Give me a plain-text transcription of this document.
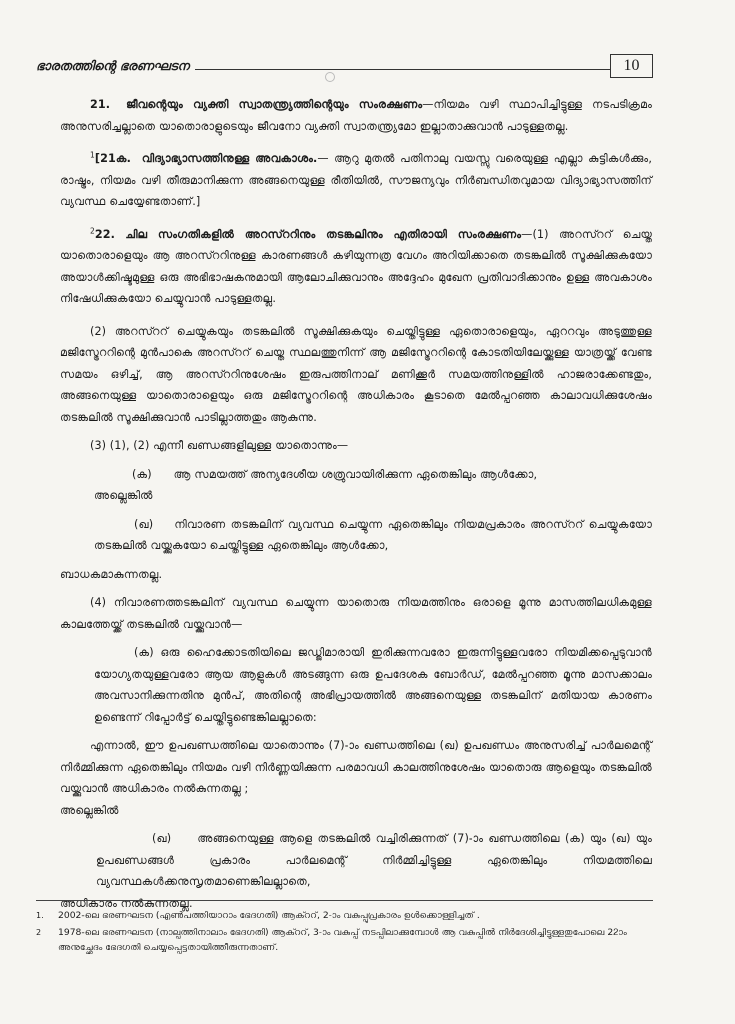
ഭാരതത്തിന്റെ ഭരണഘടന	10

21. ജീവന്റെയും വ്യക്തി സ്വാതന്ത്ര്യത്തിന്റെയും സംരക്ഷണം—നിയമം വഴി സ്ഥാപിച്ചിട്ടുള്ള നടപടിക്രമം അനുസരിച്ചല്ലാതെ യാതൊരാളുടെയും ജീവനോ വ്യക്തി സ്വാതന്ത്ര്യമോ ഇല്ലാതാക്കുവാൻ പാടുള്ളതല്ല.

$^1$[21ക. വിദ്യാഭ്യാസത്തിനുള്ള അവകാശം.— ആറു മുതൽ പതിനാലു വയസ്സു വരെയുള്ള എല്ലാ കുട്ടികൾക്കും, രാഷ്ട്രം, നിയമം വഴി തീരുമാനിക്കുന്ന അങ്ങനെയുള്ള രീതിയിൽ, സൗജന്യവും നിർബന്ധിതവുമായ വിദ്യാഭ്യാസത്തിന് വ്യവസ്ഥ ചെയ്യേണ്ടതാണ്.]

$^2$22. ചില സംഗതികളിൽ അറസ്ററിനും തടങ്കലിനും എതിരായി സംരക്ഷണം—(1) അറസ്ററ് ചെയ്ത യാതൊരാളെയും ആ അറസ്ററിനുള്ള കാരണങ്ങൾ കഴിയുന്നത്ര വേഗം അറിയിക്കാതെ തടങ്കലിൽ സൂക്ഷിക്കുകയോ അയാൾക്കിഷ്ടമുള്ള ഒരു അഭിഭാഷകനുമായി ആലോചിക്കുവാനും അദ്ദേഹം മുഖേന പ്രതിവാദിക്കാനും ഉള്ള അവകാശം നിഷേധിക്കുകയോ ചെയ്യുവാൻ പാടുള്ളതല്ല.

(2) അറസ്ററ് ചെയ്യുകയും തടങ്കലിൽ സൂക്ഷിക്കുകയും ചെയ്തിട്ടുള്ള ഏതൊരാളെയും, ഏററവും അടുത്തുള്ള മജിസ്ട്രേററിന്റെ മുൻപാകെ അറസ്ററ് ചെയ്ത സ്ഥലത്തുനിന്ന് ആ മജിസ്ട്രേററിന്റെ കോടതിയിലേയ്ക്കുള്ള യാത്രയ്ക്ക് വേണ്ട സമയം ഒഴിച്ച്, ആ അറസ്ററിനുശേഷം ഇരുപത്തിനാല് മണിക്കൂർ സമയത്തിനുള്ളിൽ ഹാജരാക്കേണ്ടതും, അങ്ങനെയുള്ള യാതൊരാളെയും ഒരു മജിസ്ട്രേററിന്റെ അധികാരം കൂടാതെ മേൽപ്പറഞ്ഞ കാലാവധിക്കുശേഷം തടങ്കലിൽ സൂക്ഷിക്കുവാൻ പാടില്ലാത്തതും ആകുന്നു.

(3) (1), (2) എന്നീ ഖണ്ഡങ്ങളിലുള്ള യാതൊന്നും—

(ക) ആ സമയത്ത് അന്യദേശീയ ശത്രുവായിരിക്കുന്ന ഏതെങ്കിലും ആൾക്കോ,

അല്ലെങ്കിൽ

(ഖ) നിവാരണ തടങ്കലിന് വ്യവസ്ഥ ചെയ്യുന്ന ഏതെങ്കിലും നിയമപ്രകാരം അറസ്ററ് ചെയ്യുകയോ തടങ്കലിൽ വയ്ക്കുകയോ ചെയ്തിട്ടുള്ള ഏതെങ്കിലും ആൾക്കോ,

ബാധകമാകുന്നതല്ല.

(4) നിവാരണത്തടങ്കലിന് വ്യവസ്ഥ ചെയ്യുന്ന യാതൊരു നിയമത്തിനും ഒരാളെ മൂന്നു മാസത്തിലധികമുള്ള കാലത്തേയ്ക്ക് തടങ്കലിൽ വയ്ക്കുവാൻ—

(ക) ഒരു ഹൈക്കോടതിയിലെ ജഡ്ജിമാരായി ഇരിക്കുന്നവരോ ഇരുന്നിട്ടുള്ളവരോ നിയമിക്കപ്പെടുവാൻ യോഗ്യതയുള്ളവരോ ആയ ആളുകൾ അടങ്ങുന്ന ഒരു ഉപദേശക ബോർഡ്, മേൽപ്പറഞ്ഞ മൂന്നു മാസക്കാലം അവസാനിക്കുന്നതിനു മുൻപ്, അതിന്റെ അഭിപ്രായത്തിൽ അങ്ങനെയുള്ള തടങ്കലിന് മതിയായ കാരണം ഉണ്ടെന്ന് റിപ്പോർട്ട് ചെയ്തിട്ടുണ്ടെങ്കിലല്ലാതെ:

എന്നാൽ, ഈ ഉപഖണ്ഡത്തിലെ യാതൊന്നും (7)-ാം ഖണ്ഡത്തിലെ (ഖ) ഉപഖണ്ഡം അനുസരിച്ച് പാർലമെന്റ് നിർമ്മിക്കുന്ന ഏതെങ്കിലും നിയമം വഴി നിർണ്ണയിക്കുന്ന പരമാവധി കാലത്തിനുശേഷം യാതൊരു ആളെയും തടങ്കലിൽ വയ്ക്കുവാൻ അധികാരം നൽകുന്നതല്ല ;

അല്ലെങ്കിൽ

(ഖ) അങ്ങനെയുള്ള ആളെ തടങ്കലിൽ വച്ചിരിക്കുന്നത് (7)-ാം ഖണ്ഡത്തിലെ (ക) യും (ഖ) യും ഉപഖണ്ഡങ്ങൾ പ്രകാരം പാർലമെന്റ് നിർമ്മിച്ചിട്ടുള്ള ഏതെങ്കിലും നിയമത്തിലെ വ്യവസ്ഥകൾക്കനുസൃതമാണെങ്കിലല്ലാതെ,

അധികാരം നൽകുന്നതല്ല.

1.	2002-ലെ ഭരണഘടന (എൺപത്തിയാറാം ഭേദഗതി) ആക്ററ്, 2-ാം വകുപ്പുപ്രകാരം ഉൾക്കൊള്ളിച്ചത് .
2	1978-ലെ ഭരണഘടന (നാല്പത്തിനാലാം ഭേദഗതി) ആക്ററ്, 3-ാം വകുപ്പ് നടപ്പിലാക്കുമ്പോൾ ആ വകുപ്പിൽ നിർദേശിച്ചിട്ടുള്ളതുപോലെ 22ാം അനുച്ഛേദം ഭേദഗതി ചെയ്യപ്പെട്ടതായിത്തീരുന്നതാണ്.
